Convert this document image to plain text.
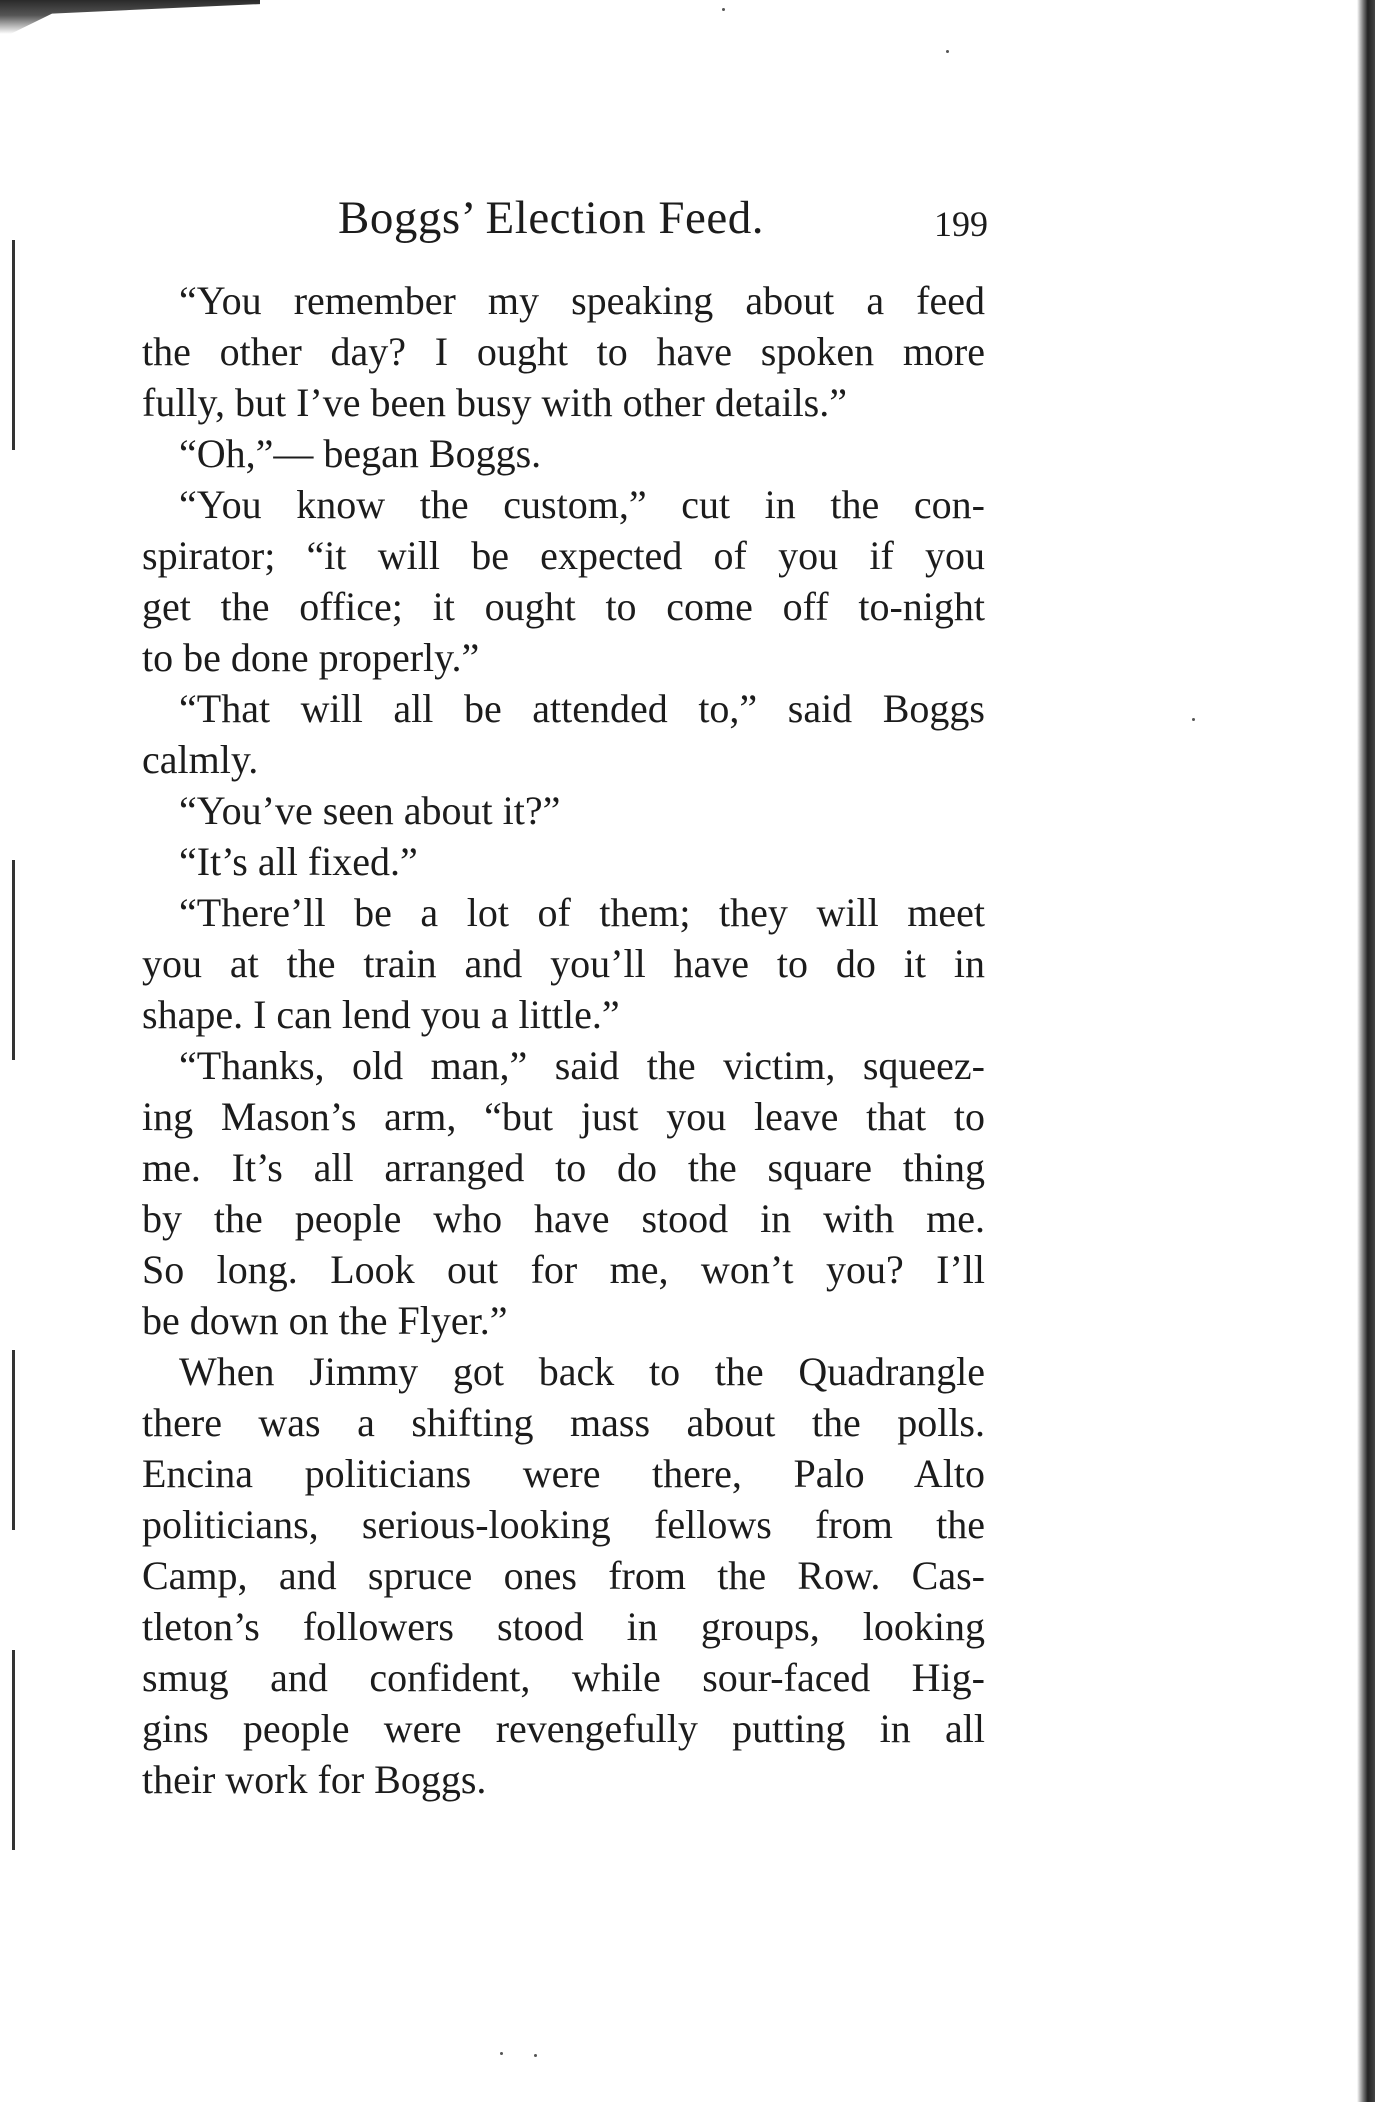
Boggs’ Election Feed.	199
“You remember my speaking about a feed
the other day? I ought to have spoken more
fully, but I’ve been busy with other details.”
“Oh,”— began Boggs.
“You know the custom,” cut in the con-
spirator; “it will be expected of you if you
get the office; it ought to come off to-night
to be done properly.”
“That will all be attended to,” said Boggs
calmly.
“You’ve seen about it?”
“It’s all fixed.”
“There’ll be a lot of them; they will meet
you at the train and you’ll have to do it in
shape. I can lend you a little.”
“Thanks, old man,” said the victim, squeez-
ing Mason’s arm, “but just you leave that to
me. It’s all arranged to do the square thing
by the people who have stood in with me.
So long. Look out for me, won’t you? I’ll
be down on the Flyer.”
When Jimmy got back to the Quadrangle
there was a shifting mass about the polls.
Encina politicians were there, Palo Alto
politicians, serious-looking fellows from the
Camp, and spruce ones from the Row. Cas-
tleton’s followers stood in groups, looking
smug and confident, while sour-faced Hig-
gins people were revengefully putting in all
their work for Boggs.
